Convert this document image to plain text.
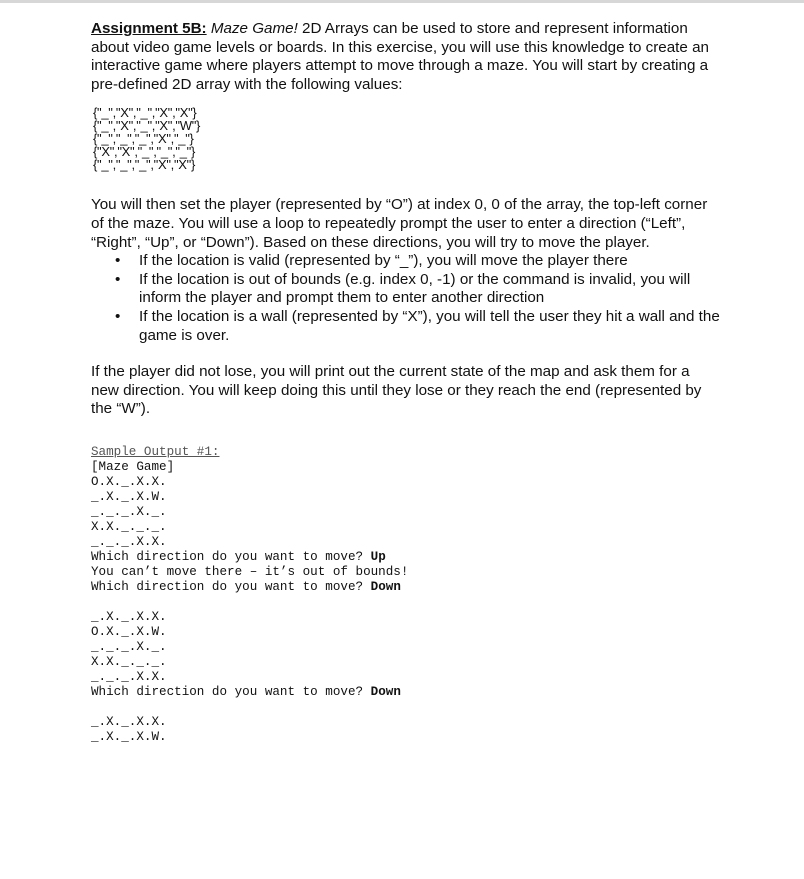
Assignment 5B: Maze Game! 2D Arrays can be used to store and represent information about video game levels or boards. In this exercise, you will use this knowledge to create an interactive game where players attempt to move through a maze. You will start by creating a pre-defined 2D array with the following values:

{"_","X","_","X","X"}
{"_","X","_","X","W"}
{"_","_","_","X","_"}
{"X","X","_","_","_"}
{"_","_","_","X","X"}

You will then set the player (represented by “O”) at index 0, 0 of the array, the top-left corner of the maze. You will use a loop to repeatedly prompt the user to enter a direction (“Left”, “Right”, “Up”, or “Down”). Based on these directions, you will try to move the player.

• If the location is valid (represented by “_”), you will move the player there
• If the location is out of bounds (e.g. index 0, -1) or the command is invalid, you will inform the player and prompt them to enter another direction
• If the location is a wall (represented by “X”), you will tell the user they hit a wall and the game is over.

If the player did not lose, you will print out the current state of the map and ask them for a new direction. You will keep doing this until they lose or they reach the end (represented by the “W”).

Sample Output #1:
[Maze Game]
O.X._.X.X.
_.X._.X.W.
_._._.X._.
X.X._._._.
_._._.X.X.
Which direction do you want to move? Up
You can’t move there – it’s out of bounds!
Which direction do you want to move? Down
_.X._.X.X.
O.X._.X.W.
_._._.X._.
X.X._._._.
_._._.X.X.
Which direction do you want to move? Down
_.X._.X.X.
_.X._.X.W.
